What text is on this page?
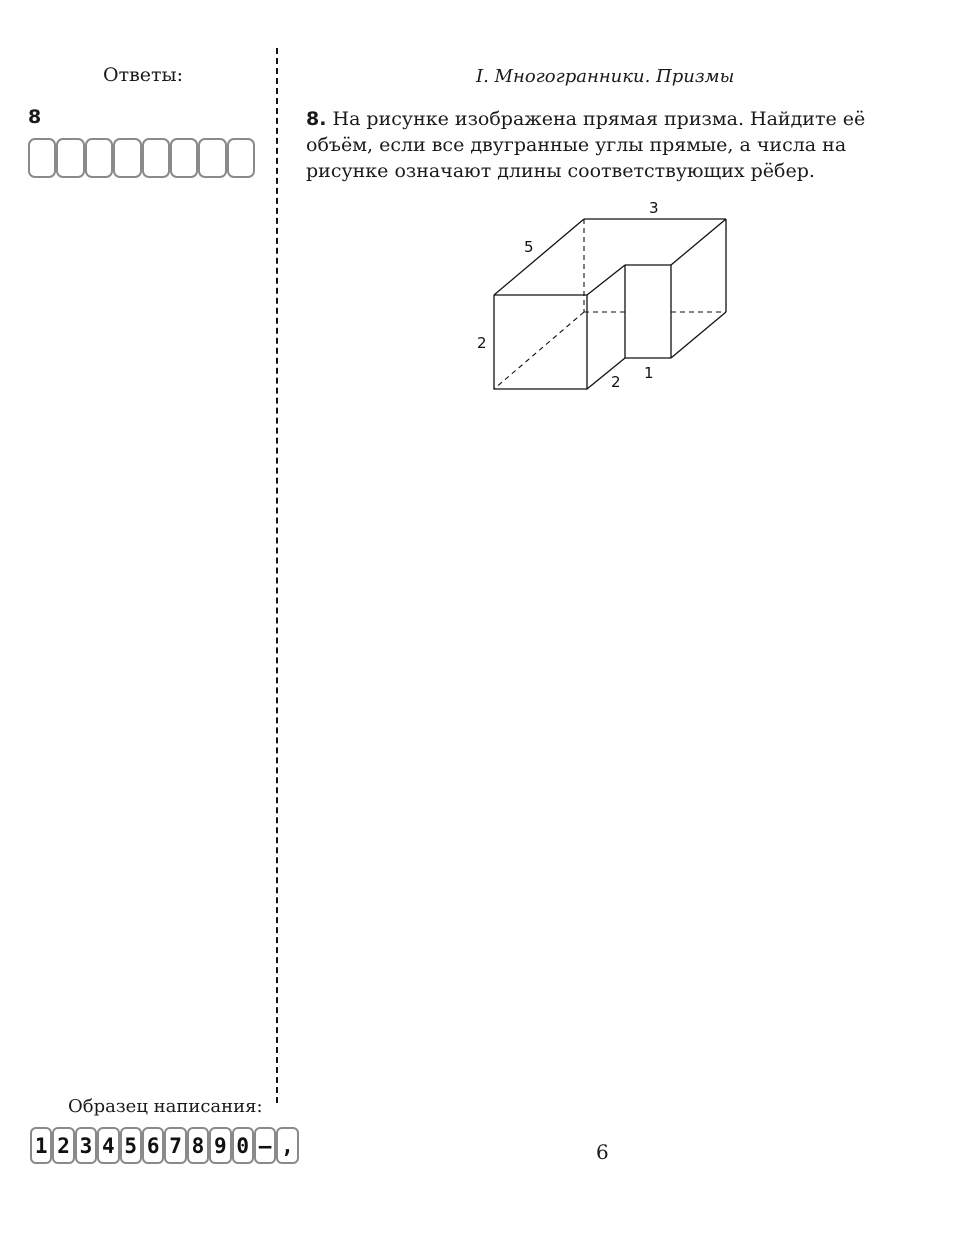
Ответы:
8
I. Многогранники. Призмы
8. На рисунке изображена прямая призма. Найдите её объём, если все двугранные углы прямые, а числа на рисунке означают длины соответствующих рёбер.
3
5
2
2 1
Образец написания:
1 2 3 4 5 6 7 8 9 0 – ,	6
